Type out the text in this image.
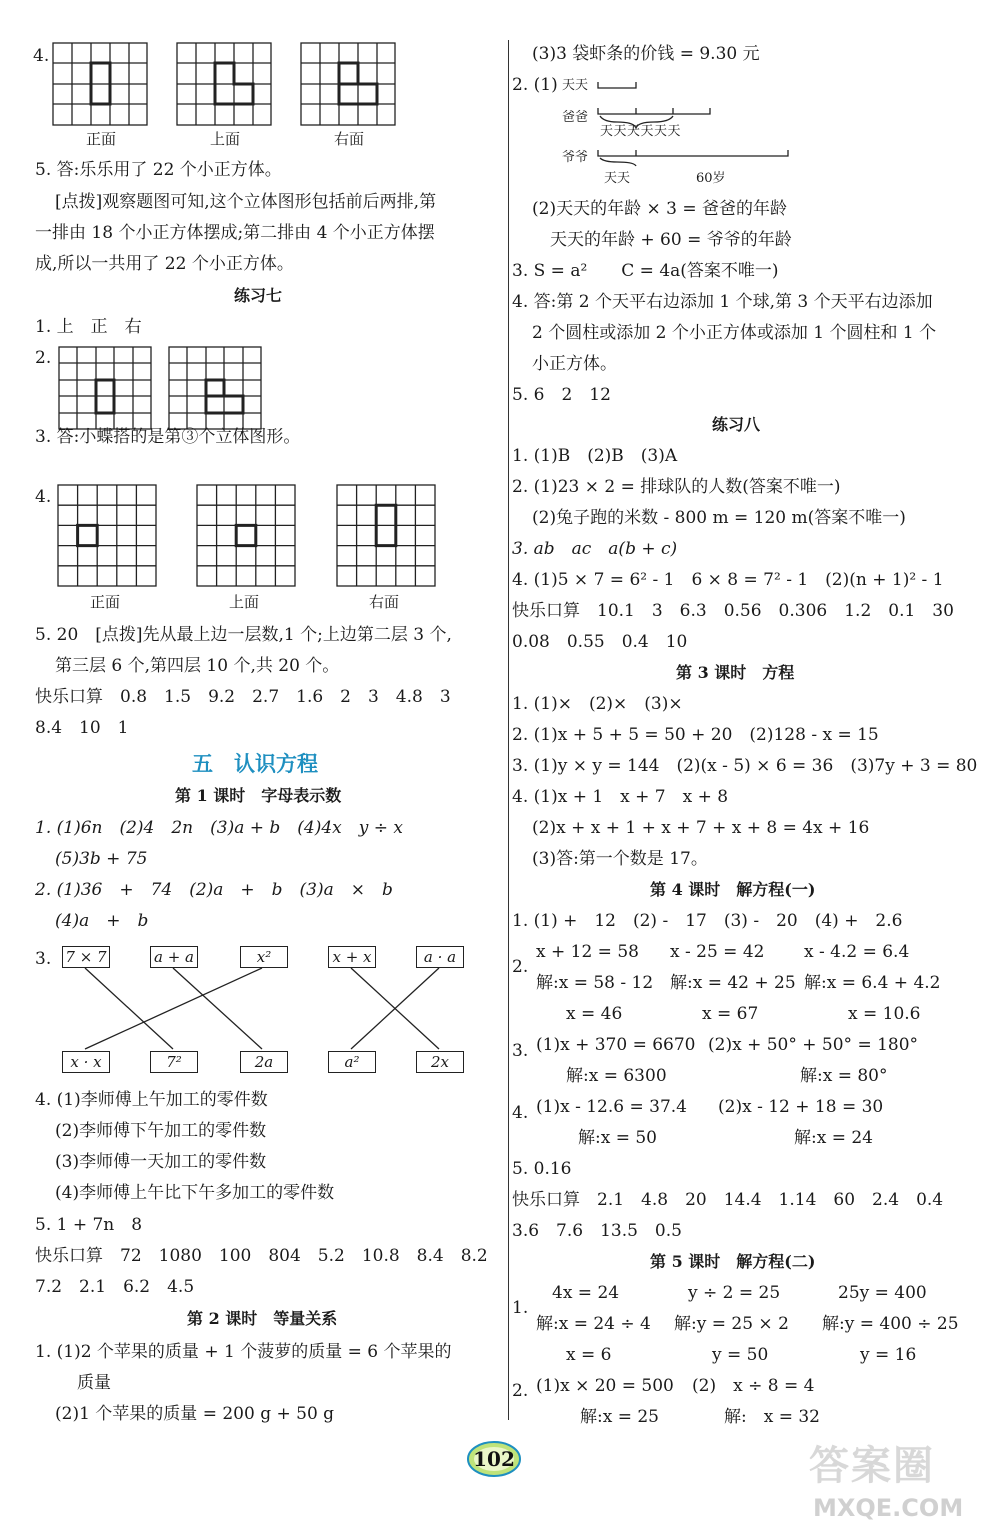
4.
正面	上面	右面
5. 答:乐乐用了 22 个小正方体。
[点拨]观察题图可知,这个立体图形包括前后两排,第
一排由 18 个小正方体摆成;第二排由 4 个小正方体摆
成,所以一共用了 22 个小正方体。
练习七
1. 上　正　右
2.
3. 答:小蝶搭的是第③个立体图形。
4.
正面	上面	右面
5. 20　[点拨]先从最上边一层数,1 个;上边第二层 3 个,
第三层 6 个,第四层 10 个,共 20 个。
快乐口算　0.8　1.5　9.2　2.7　1.6　2　3　4.8　3
8.4　10　1
五　认识方程
第 1 课时　字母表示数
1. (1)6n　(2)4　2n　(3)a + b　(4)4x　y ÷ x
(5)3b + 75
2. (1)36　+　74　(2)a　+　b　(3)a　×　b
(4)a　+　b
3. 7 × 7	a + a	x²	x + x	a · a
x · x	7²	2a	a²	2x
4. (1)李师傅上午加工的零件数
(2)李师傅下午加工的零件数
(3)李师傅一天加工的零件数
(4)李师傅上午比下午多加工的零件数
5. 1 + 7n　8
快乐口算　72　1080　100　804　5.2　10.8　8.4　8.2
7.2　2.1　6.2　4.5
第 2 课时　等量关系
1. (1)2 个苹果的质量 + 1 个菠萝的质量 = 6 个苹果的
质量
(2)1 个苹果的质量 = 200 g + 50 g
(3)3 袋虾条的价钱 = 9.30 元
2. (1) 天天
爸爸
天天天天天天
爷爷
天天	60岁
(2)天天的年龄 × 3 = 爸爸的年龄
天天的年龄 + 60 = 爷爷的年龄
3. S = a²　　C = 4a(答案不唯一)
4. 答:第 2 个天平右边添加 1 个球,第 3 个天平右边添加
2 个圆柱或添加 2 个小正方体或添加 1 个圆柱和 1 个
小正方体。
5. 6　2　12
练习八
1. (1)B　(2)B　(3)A
2. (1)23 × 2 = 排球队的人数(答案不唯一)
(2)兔子跑的米数 - 800 m = 120 m(答案不唯一)
3. ab　ac　a(b + c)
4. (1)5 × 7 = 6² - 1　6 × 8 = 7² - 1　(2)(n + 1)² - 1
快乐口算　10.1　3　6.3　0.56　0.306　1.2　0.1　30
0.08　0.55　0.4　10
第 3 课时　方程
1. (1)×　(2)×　(3)×
2. (1)x + 5 + 5 = 50 + 20　(2)128 - x = 15
3. (1)y × y = 144　(2)(x - 5) × 6 = 36　(3)7y + 3 = 80
4. (1)x + 1　x + 7　x + 8
(2)x + x + 1 + x + 7 + x + 8 = 4x + 16
(3)答:第一个数是 17。
第 4 课时　解方程(一)
1. (1) +　12　(2) -　17　(3) -　20　(4) +　2.6
2.
x + 12 = 58 x - 25 = 42 x - 4.2 = 6.4
解:x = 58 - 12 解:x = 42 + 25 解:x = 6.4 + 4.2
x = 46	x = 67	x = 10.6
3. (1)x + 370 = 6670 (2)x + 50° + 50° = 180°
解:x = 6300	解:x = 80°
4. (1)x - 12.6 = 37.4 (2)x - 12 + 18 = 30
解:x = 50	解:x = 24
5. 0.16
快乐口算　2.1　4.8　20　14.4　1.14　60　2.4　0.4
3.6　7.6　13.5　0.5
第 5 课时　解方程(二)
1.
4x = 24	y ÷ 2 = 25	25y = 400
解:x = 24 ÷ 4 解:y = 25 × 2 解:y = 400 ÷ 25
x = 6	y = 50	y = 16
2. (1)x × 20 = 500 (2)　x ÷ 8 = 4
解:x = 25	解:　x = 32
102	答案圈
MXQE.COM
